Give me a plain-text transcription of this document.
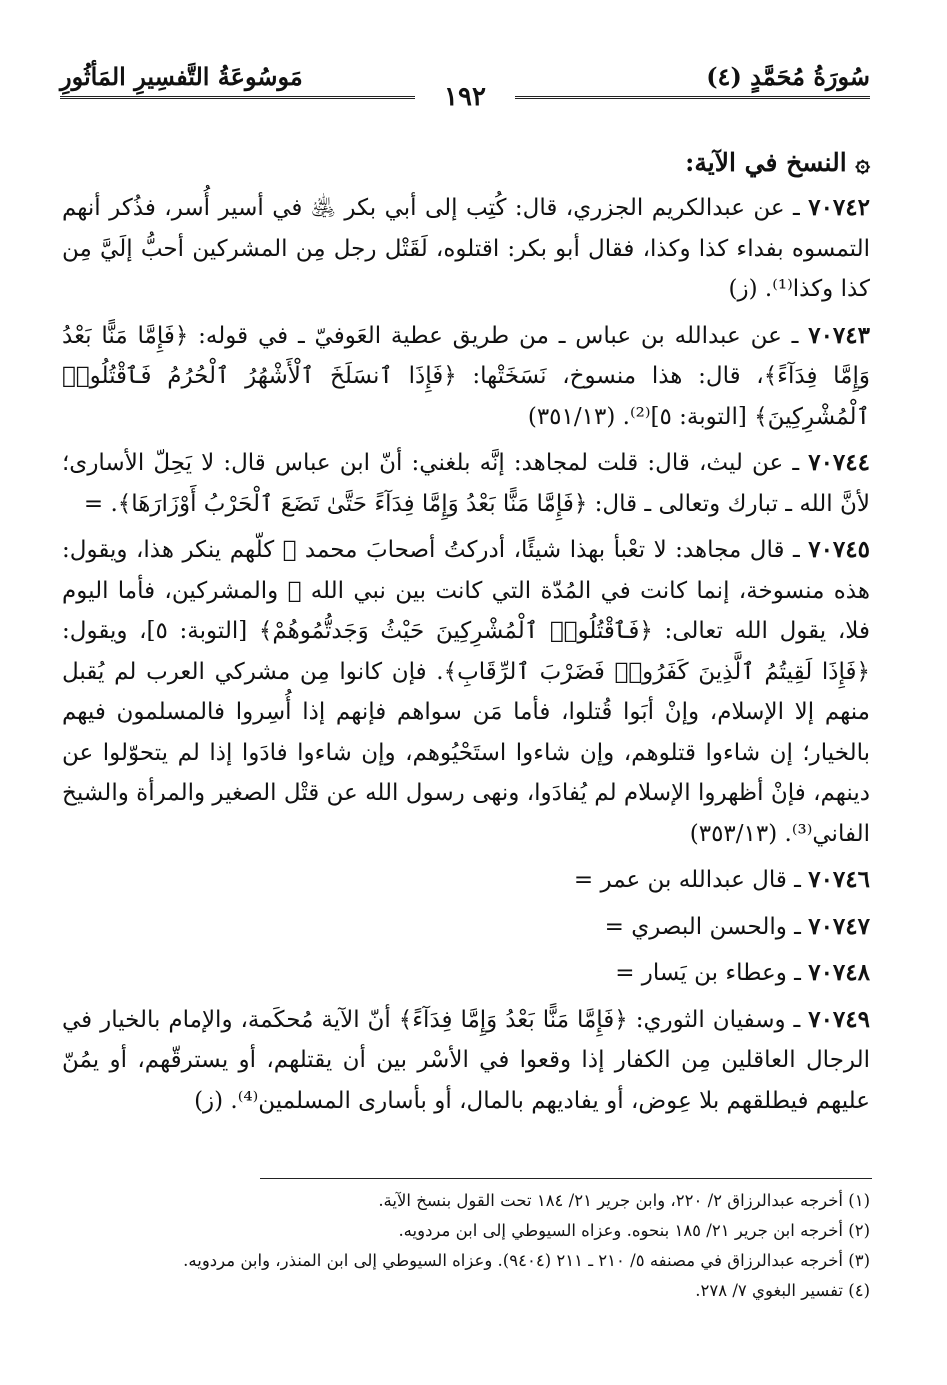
سُورَةُ مُحَمَّدٍ (٤)
مَوسُوعَةُ التَّفسِيرِ المَأثُورِ
١٩٢
۞ النسخ في الآية:

٧٠٧٤٢ ـ عن عبدالكريم الجزري، قال: كُتِب إلى أبي بكر ﵁ في أسير أُسر، فذُكر أنهم التمسوه بفداء كذا وكذا، فقال أبو بكر: اقتلوه، لَقَتْل رجل مِن المشركين أحبُّ إلَيَّ مِن كذا وكذا⁽¹⁾. (ز)

٧٠٧٤٣ ـ عن عبدالله بن عباس ـ من طريق عطية العَوفيّ ـ في قوله: ﴿فَإِمَّا مَنًّا بَعْدُ وَإِمَّا فِدَآءً﴾، قال: هذا منسوخ، نَسَخَتْها: ﴿فَإِذَا ٱنسَلَخَ ٱلْأَشْهُرُ ٱلْحُرُمُ فَٱقْتُلُوا۟ ٱلْمُشْرِكِينَ﴾ [التوبة: ٥]⁽²⁾. (٣٥١/١٣)

٧٠٧٤٤ ـ عن ليث، قال: قلت لمجاهد: إنَّه بلغني: أنّ ابن عباس قال: لا يَحِلّ الأسارى؛ لأنَّ الله ـ تبارك وتعالى ـ قال: ﴿فَإِمَّا مَنًّا بَعْدُ وَإِمَّا فِدَآءً حَتَّىٰ تَضَعَ ٱلْحَرْبُ أَوْزَارَهَا﴾. =

٧٠٧٤٥ ـ قال مجاهد: لا تعْبأ بهذا شيئًا، أدركتُ أصحابَ محمد ﷺ كلّهم ينكر هذا، ويقول: هذه منسوخة، إنما كانت في المُدّة التي كانت بين نبي الله ﷺ والمشركين، فأما اليوم فلا، يقول الله تعالى: ﴿فَٱقْتُلُوا۟ ٱلْمُشْرِكِينَ حَيْثُ وَجَدتُّمُوهُمْ﴾ [التوبة: ٥]، ويقول: ﴿فَإِذَا لَقِيتُمُ ٱلَّذِينَ كَفَرُوا۟ فَضَرْبَ ٱلرِّقَابِ﴾. فإن كانوا مِن مشركي العرب لم يُقبل منهم إلا الإسلام، وإنْ أبَوا قُتلوا، فأما مَن سواهم فإنهم إذا أُسِروا فالمسلمون فيهم بالخيار؛ إن شاءوا قتلوهم، وإن شاءوا استَحْيُوهم، وإن شاءوا فادَوا إذا لم يتحوّلوا عن دينهم، فإنْ أظهروا الإسلام لم يُفادَوا، ونهى رسول الله عن قتْل الصغير والمرأة والشيخ الفاني⁽³⁾. (٣٥٣/١٣)

٧٠٧٤٦ ـ قال عبدالله بن عمر =

٧٠٧٤٧ ـ والحسن البصري =

٧٠٧٤٨ ـ وعطاء بن يَسار =

٧٠٧٤٩ ـ وسفيان الثوري: ﴿فَإِمَّا مَنًّا بَعْدُ وَإِمَّا فِدَآءً﴾ أنّ الآية مُحكَمة، والإمام بالخيار في الرجال العاقلين مِن الكفار إذا وقعوا في الأسْر بين أن يقتلهم، أو يسترقّهم، أو يمُنّ عليهم فيطلقهم بلا عِوض، أو يفاديهم بالمال، أو بأسارى المسلمين⁽⁴⁾. (ز)

(١) أخرجه عبدالرزاق ٢/ ٢٢٠، وابن جرير ٢١/ ١٨٤ تحت القول بنسخ الآية.
(٢) أخرجه ابن جرير ٢١/ ١٨٥ بنحوه. وعزاه السيوطي إلى ابن مردويه.
(٣) أخرجه عبدالرزاق في مصنفه ٥/ ٢١٠ ـ ٢١١ (٩٤٠٤). وعزاه السيوطي إلى ابن المنذر، وابن مردويه.
(٤) تفسير البغوي ٧/ ٢٧٨.
